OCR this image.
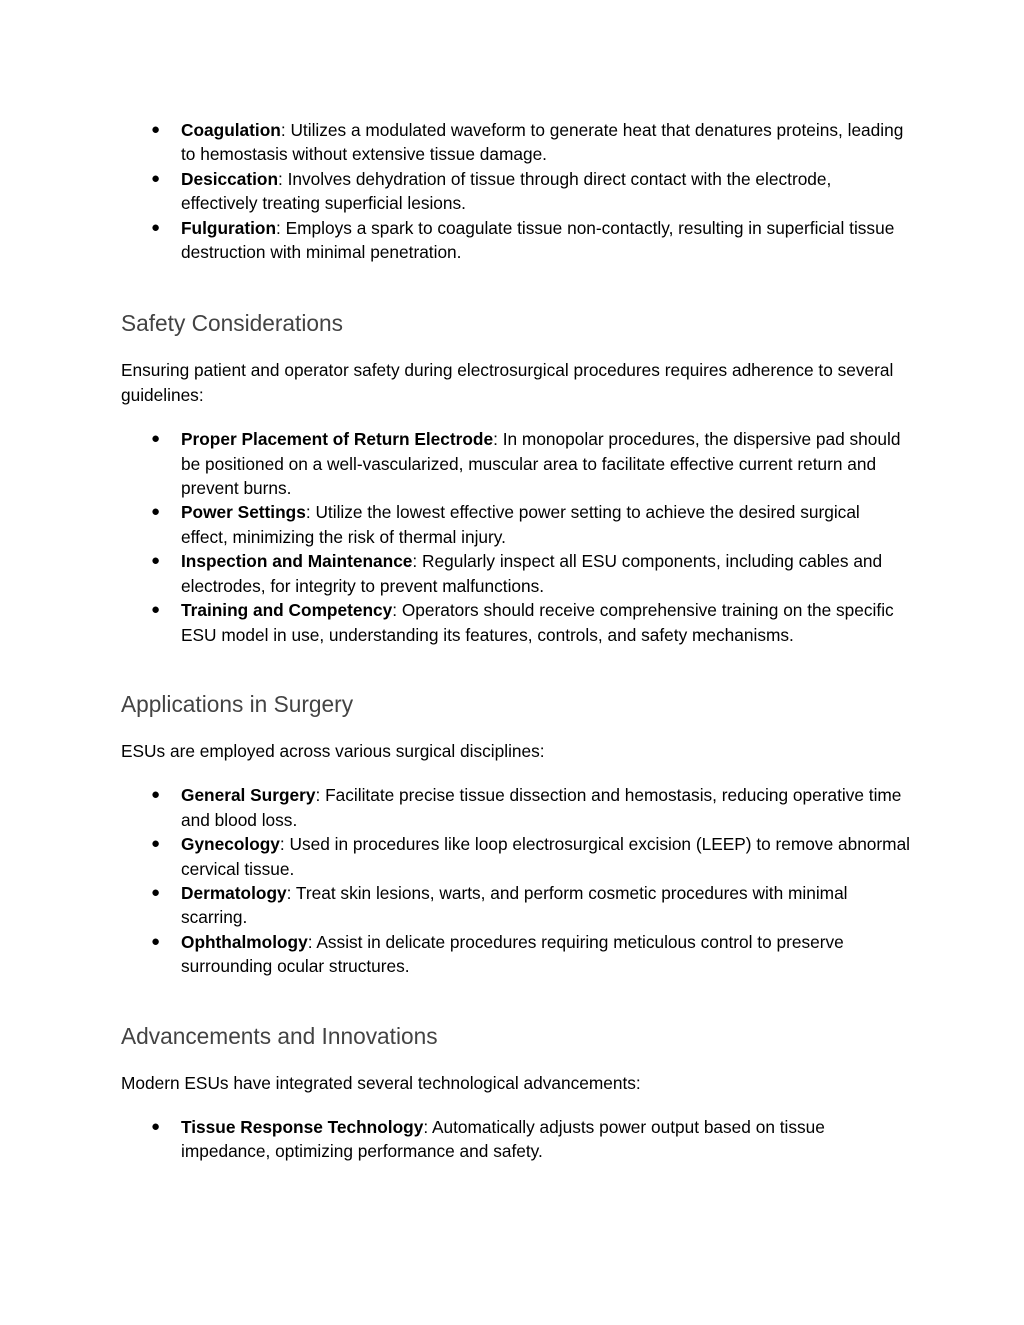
● Coagulation: Utilizes a modulated waveform to generate heat that denatures proteins, leading to hemostasis without extensive tissue damage.
● Desiccation: Involves dehydration of tissue through direct contact with the electrode, effectively treating superficial lesions.
● Fulguration: Employs a spark to coagulate tissue non-contactly, resulting in superficial tissue destruction with minimal penetration.
Safety Considerations

Ensuring patient and operator safety during electrosurgical procedures requires adherence to several guidelines:

● Proper Placement of Return Electrode: In monopolar procedures, the dispersive pad should be positioned on a well-vascularized, muscular area to facilitate effective current return and prevent burns.
● Power Settings: Utilize the lowest effective power setting to achieve the desired surgical effect, minimizing the risk of thermal injury.
● Inspection and Maintenance: Regularly inspect all ESU components, including cables and electrodes, for integrity to prevent malfunctions.
● Training and Competency: Operators should receive comprehensive training on the specific ESU model in use, understanding its features, controls, and safety mechanisms.
Applications in Surgery

ESUs are employed across various surgical disciplines:

● General Surgery: Facilitate precise tissue dissection and hemostasis, reducing operative time and blood loss.
● Gynecology: Used in procedures like loop electrosurgical excision (LEEP) to remove abnormal cervical tissue.
● Dermatology: Treat skin lesions, warts, and perform cosmetic procedures with minimal scarring.
● Ophthalmology: Assist in delicate procedures requiring meticulous control to preserve surrounding ocular structures.
Advancements and Innovations

Modern ESUs have integrated several technological advancements:

● Tissue Response Technology: Automatically adjusts power output based on tissue impedance, optimizing performance and safety.
